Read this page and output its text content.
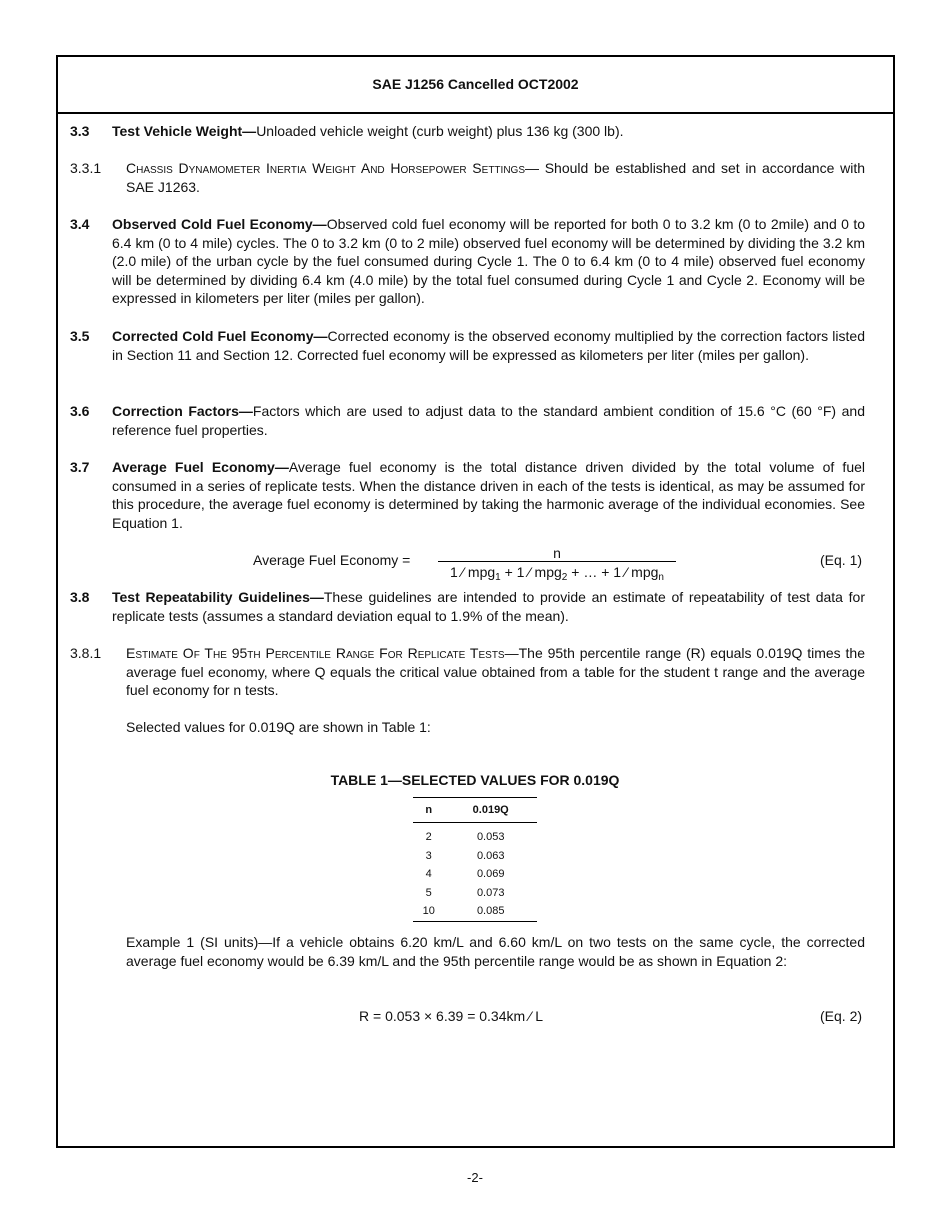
SAE J1256 Cancelled OCT2002
3.3 Test Vehicle Weight—Unloaded vehicle weight (curb weight) plus 136 kg (300 lb).
3.3.1 Chassis Dynamometer Inertia Weight And Horsepower Settings— Should be established and set in accordance with SAE J1263.
3.4 Observed Cold Fuel Economy—Observed cold fuel economy will be reported for both 0 to 3.2 km (0 to 2mile) and 0 to 6.4 km (0 to 4 mile) cycles. The 0 to 3.2 km (0 to 2 mile) observed fuel economy will be determined by dividing the 3.2 km (2.0 mile) of the urban cycle by the fuel consumed during Cycle 1. The 0 to 6.4 km (0 to 4 mile) observed fuel economy will be determined by dividing 6.4 km (4.0 mile) by the total fuel consumed during Cycle 1 and Cycle 2. Economy will be expressed in kilometers per liter (miles per gallon).
3.5 Corrected Cold Fuel Economy—Corrected economy is the observed economy multiplied by the correction factors listed in Section 11 and Section 12. Corrected fuel economy will be expressed as kilometers per liter (miles per gallon).
3.6 Correction Factors—Factors which are used to adjust data to the standard ambient condition of 15.6 °C (60 °F) and reference fuel properties.
3.7 Average Fuel Economy—Average fuel economy is the total distance driven divided by the total volume of fuel consumed in a series of replicate tests. When the distance driven in each of the tests is identical, as may be assumed for this procedure, the average fuel economy is determined by taking the harmonic average of the individual economies. See Equation 1.
Average Fuel Economy =	n
1 ⁄ mpg$_1$ + 1 ⁄ mpg$_2$ + … + 1 ⁄ mpg$_n$
(Eq. 1)
3.8 Test Repeatability Guidelines—These guidelines are intended to provide an estimate of repeatability of test data for replicate tests (assumes a standard deviation equal to 1.9% of the mean).
3.8.1 Estimate Of The 95th Percentile Range For Replicate Tests—The 95th percentile range (R) equals 0.019Q times the average fuel economy, where Q equals the critical value obtained from a table for the student t range and the average fuel economy for n tests.
Selected values for 0.019Q are shown in Table 1:
TABLE 1—SELECTED VALUES FOR 0.019Q
n	0.019Q
2	0.053
3	0.063
4	0.069
5	0.073
10	0.085
Example 1 (SI units)—If a vehicle obtains 6.20 km/L and 6.60 km/L on two tests on the same cycle, the corrected average fuel economy would be 6.39 km/L and the 95th percentile range would be as shown in Equation 2:
R = 0.053 × 6.39 = 0.34km ⁄ L	(Eq. 2)
-2-
